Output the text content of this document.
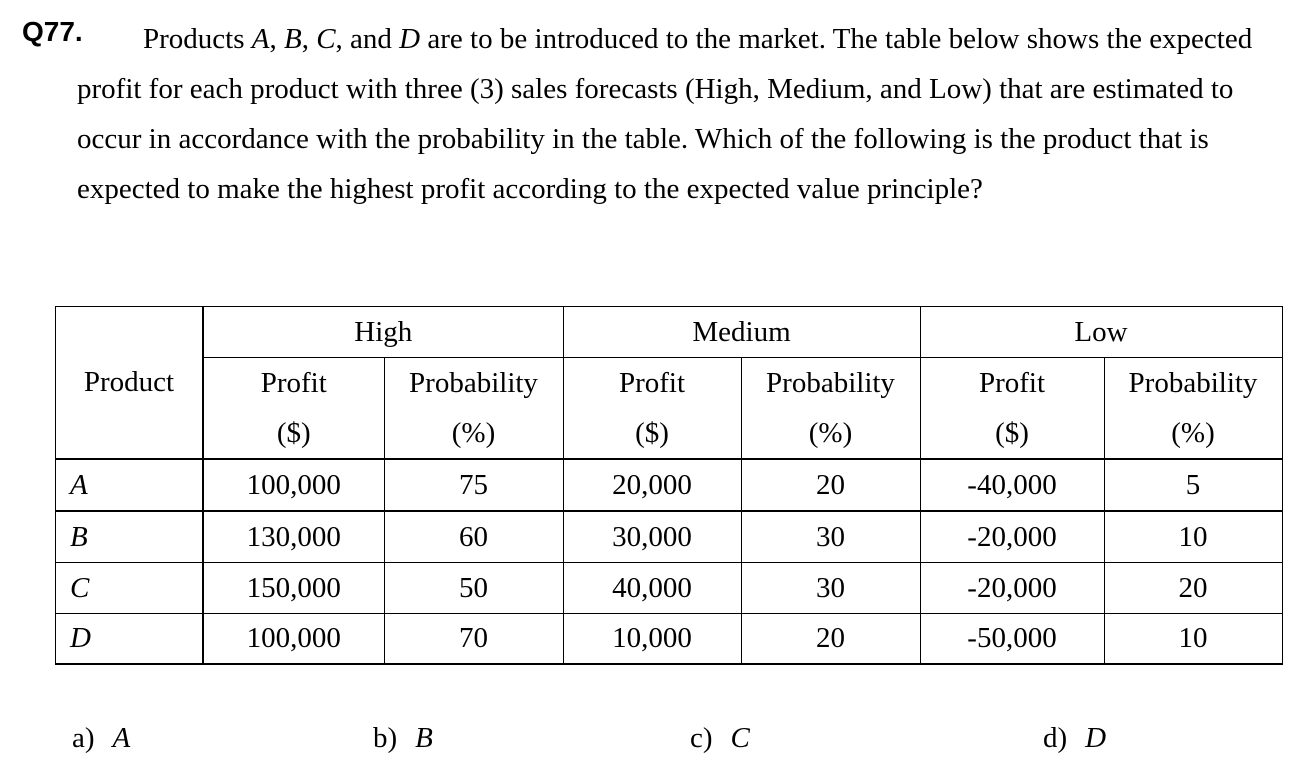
Q77.	Products A, B, C, and D are to be introduced to the market. The table below shows the expected profit for each product with three (3) sales forecasts (High, Medium, and Low) that are estimated to occur in accordance with the probability in the table. Which of the following is the product that is expected to make the highest profit according to the expected value principle?
Product	High		Medium		Low	
	Profit	Probability	Profit	Probability	Profit	Probability
	($)	(%)	($)	(%)	($)	(%)
A	100,000	75	20,000	20	-40,000	5
B	130,000	60	30,000	30	-20,000	10
C	150,000	50	40,000	30	-20,000	20
D	100,000	70	10,000	20	-50,000	10
a) A	b) B	c) C	d) D
